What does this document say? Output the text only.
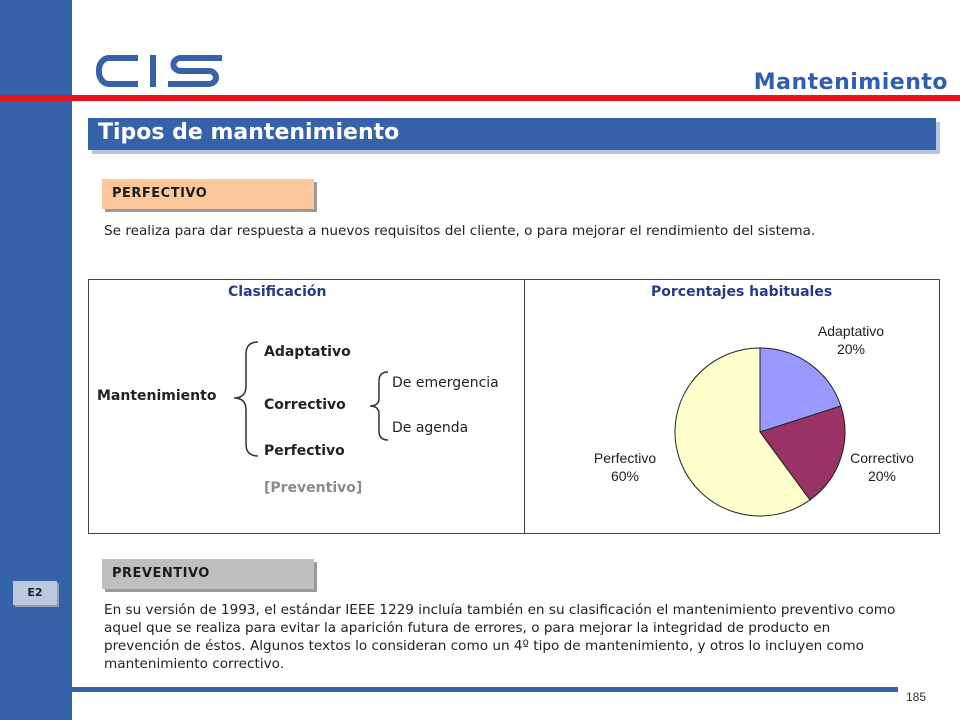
Mantenimiento
Tipos de mantenimiento
PERFECTIVO
Se realiza para dar respuesta a nuevos requisitos del cliente, o para mejorar el rendimiento del sistema.
Clasificación	Porcentajes habituales
Mantenimiento
Adaptativo
Correctivo
Perfectivo
De emergencia
De agenda
[Preventivo]
Adaptativo
20%
Correctivo
20%
Perfectivo
60%
PREVENTIVO
En su versión de 1993, el estándar IEEE 1229 incluía también en su clasificación el mantenimiento preventivo como aquel que se realiza para evitar la aparición futura de errores, o para mejorar la integridad de producto en prevención de éstos. Algunos textos lo consideran como un 4º tipo de mantenimiento, y otros lo incluyen como mantenimiento correctivo.
E2
185
